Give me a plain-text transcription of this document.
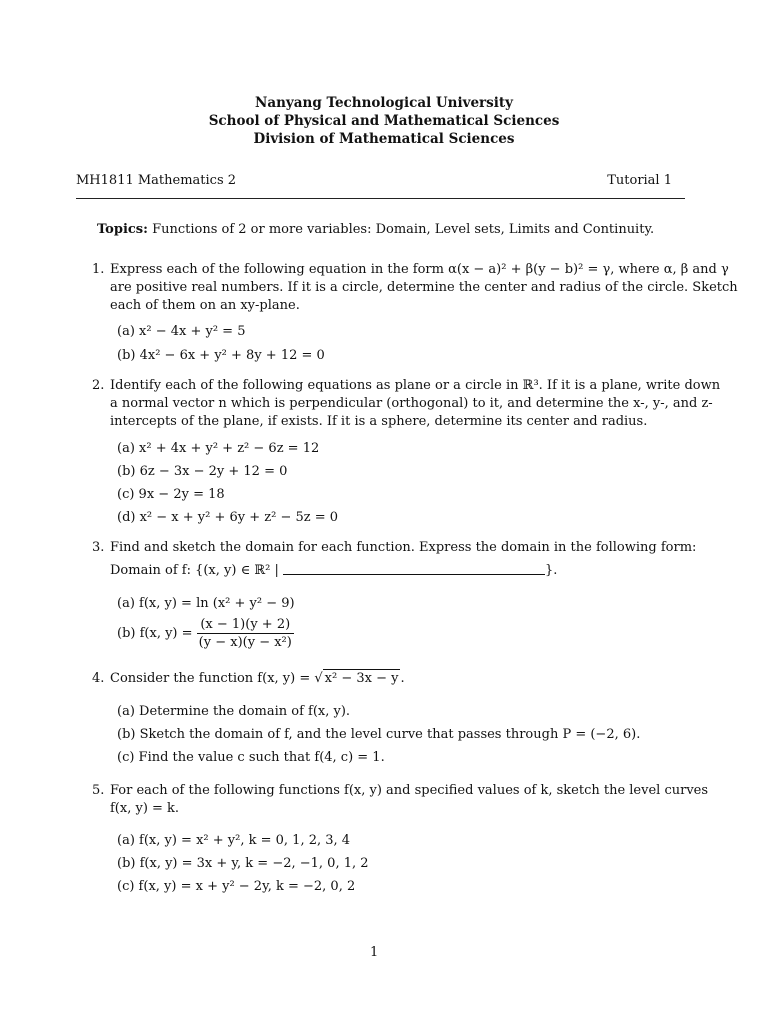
Nanyang Technological University
School of Physical and Mathematical Sciences
Division of Mathematical Sciences
MH1811 Mathematics 2	Tutorial 1
Topics: Functions of 2 or more variables: Domain, Level sets, Limits and Continuity.
1. Express each of the following equation in the form α(x − a)² + β(y − b)² = γ, where α, β and γ
are positive real numbers. If it is a circle, determine the center and radius of the circle. Sketch
each of them on an xy-plane.
(a) x² − 4x + y² = 5
(b) 4x² − 6x + y² + 8y + 12 = 0
2. Identify each of the following equations as plane or a circle in ℝ³. If it is a plane, write down
a normal vector n which is perpendicular (orthogonal) to it, and determine the x-, y-, and z-
intercepts of the plane, if exists. If it is a sphere, determine its center and radius.
(a) x² + 4x + y² + z² − 6z = 12
(b) 6z − 3x − 2y + 12 = 0
(c) 9x − 2y = 18
(d) x² − x + y² + 6y + z² − 5z = 0
3. Find and sketch the domain for each function. Express the domain in the following form:
Domain of f: {(x, y) ∈ ℝ² |	}.
(a) f(x, y) = ln (x² + y² − 9)
(b) f(x, $y) = \frac{(x - 1)(y + 2)}{\text{(y − x)(y − x²)}}$
4. Consider the function f(x, y) = √ x² − 3x − y .
(a) Determine the domain of f(x, y).
(b) Sketch the domain of f, and the level curve that passes through P = (−2, 6).
(c) Find the value c such that f(4, c) = 1.
5. For each of the following functions f(x, y) and specified values of k, sketch the level curves
f(x, y) = k.
(a) f(x, y) = x² + y², k = 0, 1, 2, 3, 4
(b) f(x, y) = 3x + y, k = −2, −1, 0, 1, 2
(c) f(x, y) = x + y² − 2y, k = −2, 0, 2
1
